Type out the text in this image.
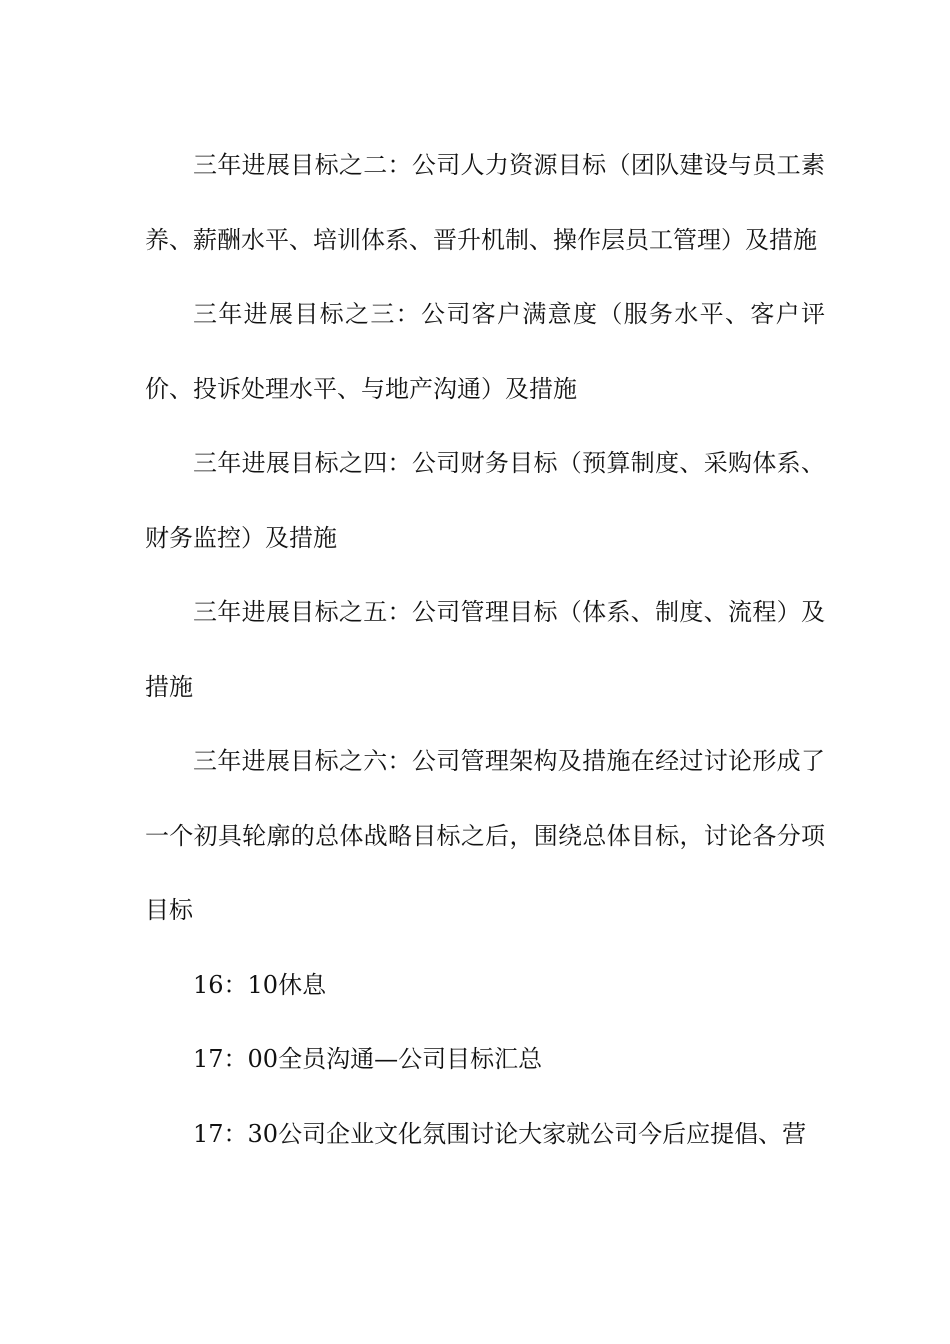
三年进展目标之二：公司人力资源目标（团队建设与员工素养、薪酬水平、培训体系、晋升机制、操作层员工管理）及措施

三年进展目标之三：公司客户满意度（服务水平、客户评价、投诉处理水平、与地产沟通）及措施

三年进展目标之四：公司财务目标（预算制度、采购体系、财务监控）及措施

三年进展目标之五：公司管理目标（体系、制度、流程）及措施

三年进展目标之六：公司管理架构及措施在经过讨论形成了一个初具轮廓的总体战略目标之后，围绕总体目标，讨论各分项目标

16：10休息

17：00全员沟通—公司目标汇总

17：30公司企业文化氛围讨论大家就公司今后应提倡、营
